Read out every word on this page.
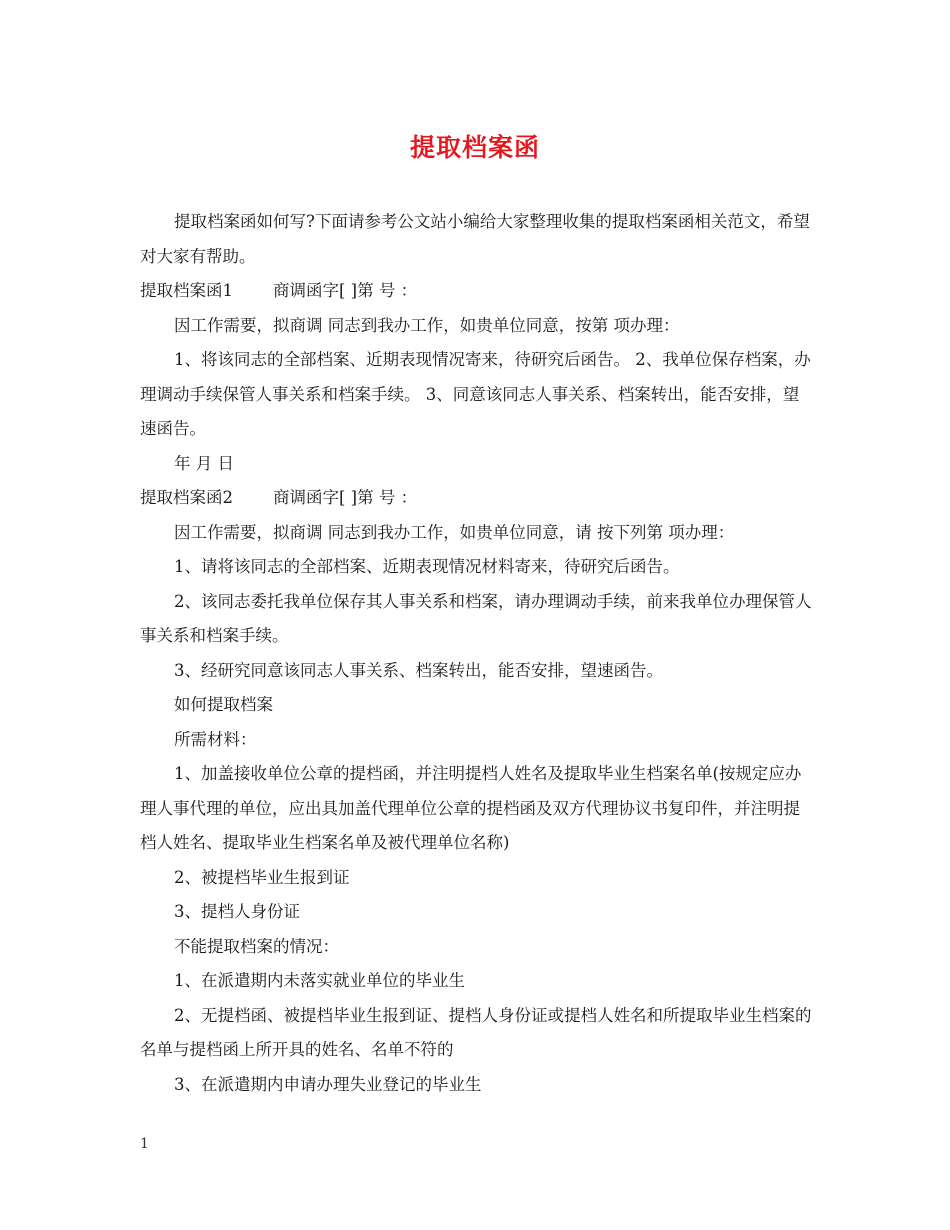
提取档案函

提取档案函如何写?下面请参考公文站小编给大家整理收集的提取档案函相关范文，希望对大家有帮助。

提取档案函1 商调函字[ ]第 号 ：

因工作需要，拟商调 同志到我办工作，如贵单位同意，按第 项办理：

1、将该同志的全部档案、近期表现情况寄来，待研究后函告。 2、我单位保存档案，办理调动手续保管人事关系和档案手续。 3、同意该同志人事关系、档案转出，能否安排，望速函告。

年 月 日

提取档案函2 商调函字[ ]第 号 ：

因工作需要，拟商调 同志到我办工作，如贵单位同意，请 按下列第 项办理：

1、请将该同志的全部档案、近期表现情况材料寄来，待研究后函告。

2、该同志委托我单位保存其人事关系和档案，请办理调动手续，前来我单位办理保管人事关系和档案手续。

3、经研究同意该同志人事关系、档案转出，能否安排，望速函告。

如何提取档案

所需材料：

1、加盖接收单位公章的提档函，并注明提档人姓名及提取毕业生档案名单(按规定应办理人事代理的单位，应出具加盖代理单位公章的提档函及双方代理协议书复印件，并注明提档人姓名、提取毕业生档案名单及被代理单位名称)

2、被提档毕业生报到证

3、提档人身份证

不能提取档案的情况：

1、在派遣期内未落实就业单位的毕业生

2、无提档函、被提档毕业生报到证、提档人身份证或提档人姓名和所提取毕业生档案的名单与提档函上所开具的姓名、名单不符的

3、在派遣期内申请办理失业登记的毕业生

1
